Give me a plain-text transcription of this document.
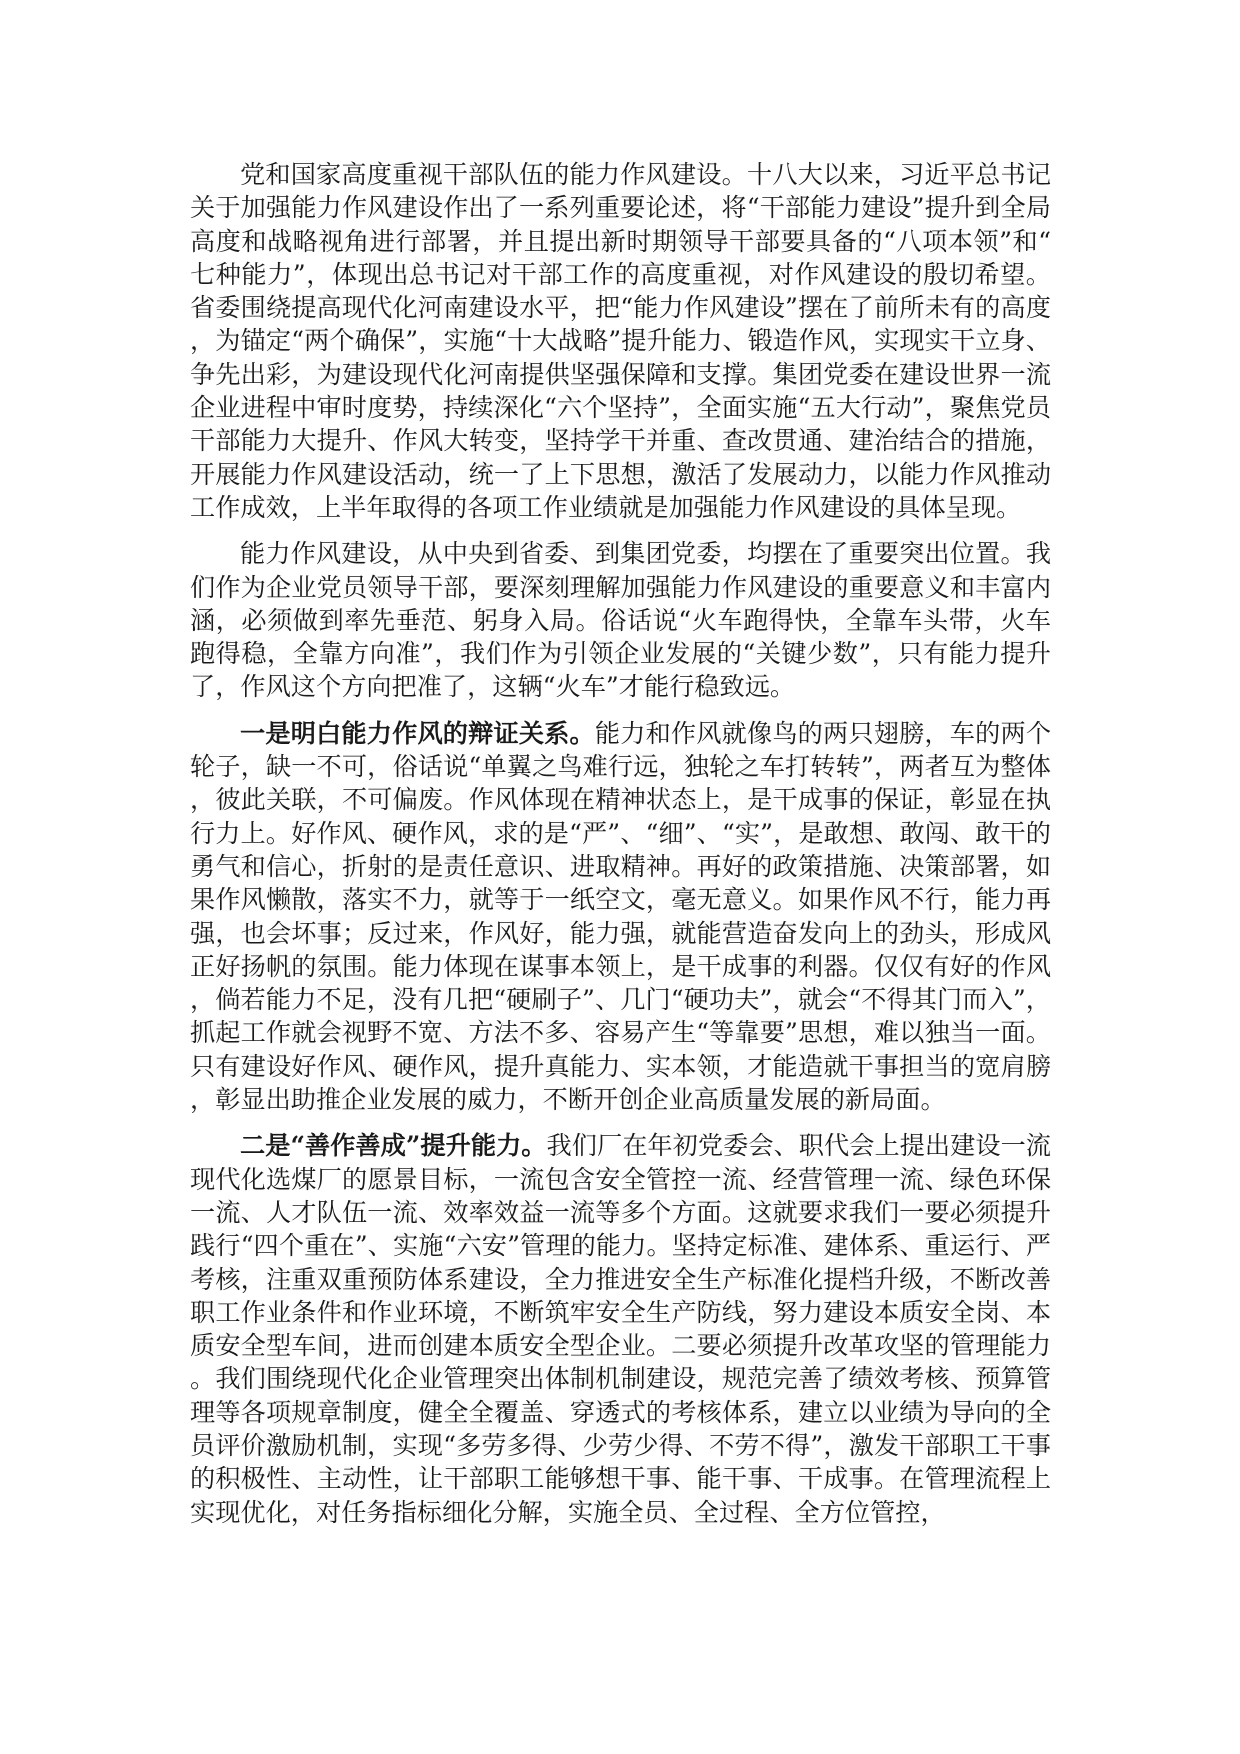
党和国家高度重视干部队伍的能力作风建设。十八大以来，习近平总书记关于加强能力作风建设作出了一系列重要论述，将“干部能力建设”提升到全局高度和战略视角进行部署，并且提出新时期领导干部要具备的“八项本领”和“七种能力”，体现出总书记对干部工作的高度重视，对作风建设的殷切希望。省委围绕提高现代化河南建设水平，把“能力作风建设”摆在了前所未有的高度，为锚定“两个确保”，实施“十大战略”提升能力、锻造作风，实现实干立身、争先出彩，为建设现代化河南提供坚强保障和支撑。集团党委在建设世界一流企业进程中审时度势，持续深化“六个坚持”，全面实施“五大行动”，聚焦党员干部能力大提升、作风大转变，坚持学干并重、查改贯通、建治结合的措施，开展能力作风建设活动，统一了上下思想，激活了发展动力，以能力作风推动工作成效，上半年取得的各项工作业绩就是加强能力作风建设的具体呈现。

能力作风建设，从中央到省委、到集团党委，均摆在了重要突出位置。我们作为企业党员领导干部，要深刻理解加强能力作风建设的重要意义和丰富内涵，必须做到率先垂范、躬身入局。俗话说“火车跑得快，全靠车头带，火车跑得稳，全靠方向准”，我们作为引领企业发展的“关键少数”，只有能力提升了，作风这个方向把准了，这辆“火车”才能行稳致远。

一是明白能力作风的辩证关系。能力和作风就像鸟的两只翅膀，车的两个轮子，缺一不可，俗话说“单翼之鸟难行远，独轮之车打转转”，两者互为整体，彼此关联，不可偏废。作风体现在精神状态上，是干成事的保证，彰显在执行力上。好作风、硬作风，求的是“严”、“细”、“实”，是敢想、敢闯、敢干的勇气和信心，折射的是责任意识、进取精神。再好的政策措施、决策部署，如果作风懒散，落实不力，就等于一纸空文，毫无意义。如果作风不行，能力再强，也会坏事；反过来，作风好，能力强，就能营造奋发向上的劲头，形成风正好扬帆的氛围。能力体现在谋事本领上，是干成事的利器。仅仅有好的作风，倘若能力不足，没有几把“硬刷子”、几门“硬功夫”，就会“不得其门而入”，抓起工作就会视野不宽、方法不多、容易产生“等靠要”思想，难以独当一面。只有建设好作风、硬作风，提升真能力、实本领，才能造就干事担当的宽肩膀，彰显出助推企业发展的威力，不断开创企业高质量发展的新局面。

二是“善作善成”提升能力。我们厂在年初党委会、职代会上提出建设一流现代化选煤厂的愿景目标，一流包含安全管控一流、经营管理一流、绿色环保一流、人才队伍一流、效率效益一流等多个方面。这就要求我们一要必须提升践行“四个重在”、实施“六安”管理的能力。坚持定标准、建体系、重运行、严考核，注重双重预防体系建设，全力推进安全生产标准化提档升级，不断改善职工作业条件和作业环境，不断筑牢安全生产防线，努力建设本质安全岗、本质安全型车间，进而创建本质安全型企业。二要必须提升改革攻坚的管理能力。我们围绕现代化企业管理突出体制机制建设，规范完善了绩效考核、预算管理等各项规章制度，健全全覆盖、穿透式的考核体系，建立以业绩为导向的全员评价激励机制，实现“多劳多得、少劳少得、不劳不得”，激发干部职工干事的积极性、主动性，让干部职工能够想干事、能干事、干成事。在管理流程上实现优化，对任务指标细化分解，实施全员、全过程、全方位管控，
